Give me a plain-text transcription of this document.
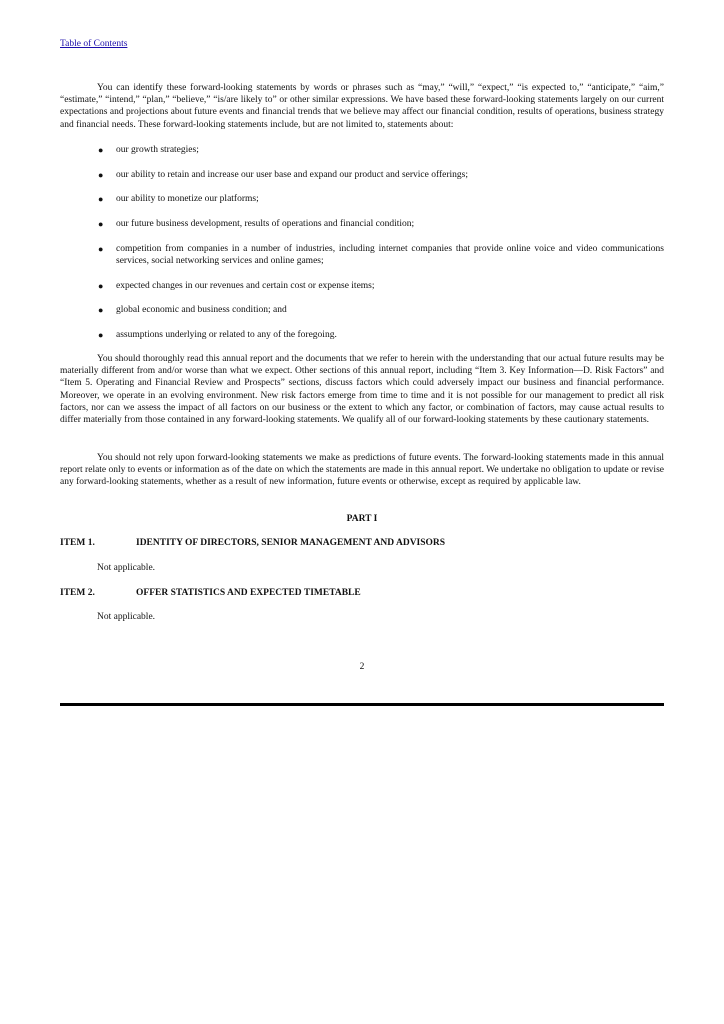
Table of Contents

You can identify these forward-looking statements by words or phrases such as “may,” “will,” “expect,” “is expected to,” “anticipate,” “aim,” “estimate,” “intend,” “plan,” “believe,” “is/are likely to” or other similar expressions. We have based these forward-looking statements largely on our current expectations and projections about future events and financial trends that we believe may affect our financial condition, results of operations, business strategy and financial needs. These forward-looking statements include, but are not limited to, statements about:

● our growth strategies;
● our ability to retain and increase our user base and expand our product and service offerings;
● our ability to monetize our platforms;
● our future business development, results of operations and financial condition;
● competition from companies in a number of industries, including internet companies that provide online voice and video communications services, social networking services and online games;
● expected changes in our revenues and certain cost or expense items;
● global economic and business condition; and
● assumptions underlying or related to any of the foregoing.

You should thoroughly read this annual report and the documents that we refer to herein with the understanding that our actual future results may be materially different from and/or worse than what we expect. Other sections of this annual report, including “Item 3. Key Information—D. Risk Factors” and “Item 5. Operating and Financial Review and Prospects” sections, discuss factors which could adversely impact our business and financial performance. Moreover, we operate in an evolving environment. New risk factors emerge from time to time and it is not possible for our management to predict all risk factors, nor can we assess the impact of all factors on our business or the extent to which any factor, or combination of factors, may cause actual results to differ materially from those contained in any forward-looking statements. We qualify all of our forward-looking statements by these cautionary statements.

You should not rely upon forward-looking statements we make as predictions of future events. The forward-looking statements made in this annual report relate only to events or information as of the date on which the statements are made in this annual report. We undertake no obligation to update or revise any forward-looking statements, whether as a result of new information, future events or otherwise, except as required by applicable law.

PART I
ITEM 1.	IDENTITY OF DIRECTORS, SENIOR MANAGEMENT AND ADVISORS
Not applicable.
ITEM 2.	OFFER STATISTICS AND EXPECTED TIMETABLE
Not applicable.
2
